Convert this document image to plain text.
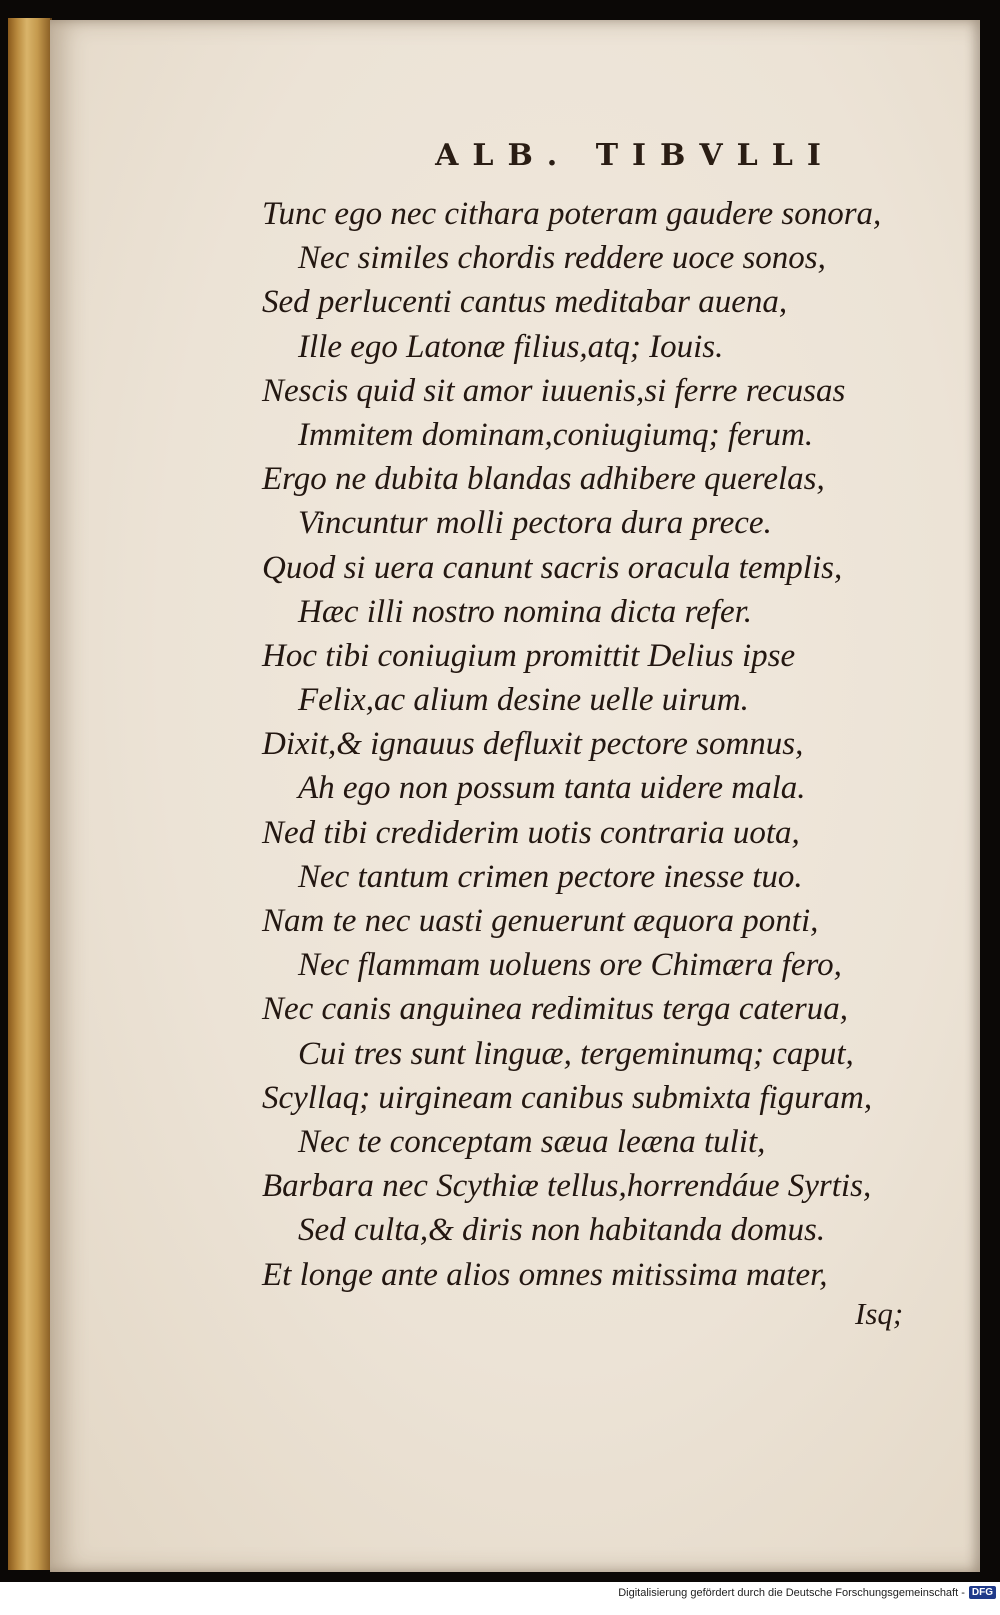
ALB. TIBVLLI
Tunc ego nec cithara poteram gaudere sonora,
Nec similes chordis reddere uoce sonos,
Sed perlucenti cantus meditabar auena,
Ille ego Latonæ filius,atq; Iouis.
Nescis quid sit amor iuuenis,si ferre recusas
Immitem dominam,coniugiumq; ferum.
Ergo ne dubita blandas adhibere querelas,
Vincuntur molli pectora dura prece.
Quod si uera canunt sacris oracula templis,
Hæc illi nostro nomina dicta refer.
Hoc tibi coniugium promittit Delius ipse
Felix,ac alium desine uelle uirum.
Dixit,& ignauus defluxit pectore somnus,
Ah ego non possum tanta uidere mala.
Ned tibi crediderim uotis contraria uota,
Nec tantum crimen pectore inesse tuo.
Nam te nec uasti genuerunt æquora ponti,
Nec flammam uoluens ore Chimæra fero,
Nec canis anguinea redimitus terga caterua,
Cui tres sunt linguæ, tergeminumq; caput,
Scyllaq; uirgineam canibus submixta figuram,
Nec te conceptam sæua leæna tulit,
Barbara nec Scythiæ tellus,horrendáue Syrtis,
Sed culta,& diris non habitanda domus.
Et longe ante alios omnes mitissima mater,
Isq;
Digitalisierung gefördert durch die Deutsche Forschungsgemeinschaft - DFG
